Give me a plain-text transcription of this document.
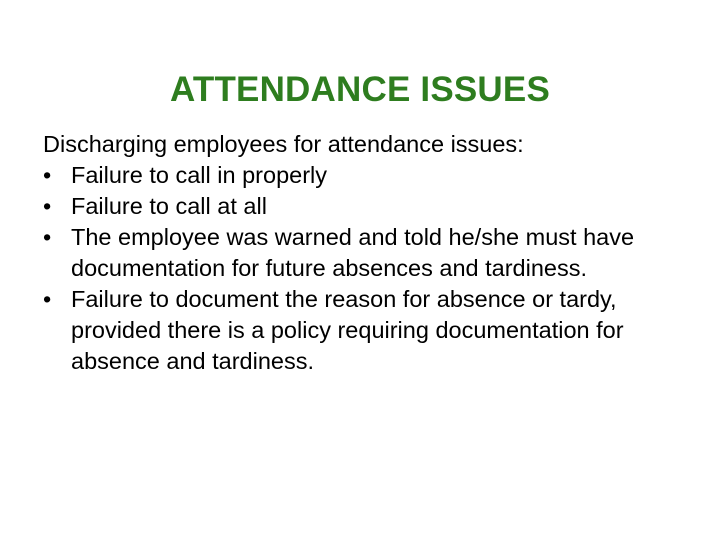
ATTENDANCE ISSUES

Discharging employees for attendance issues:

• Failure to call in properly
• Failure to call at all
• The employee was warned and told he/she must have documentation for future absences and tardiness.
• Failure to document the reason for absence or tardy, provided there is a policy requiring documentation for absence and tardiness.
